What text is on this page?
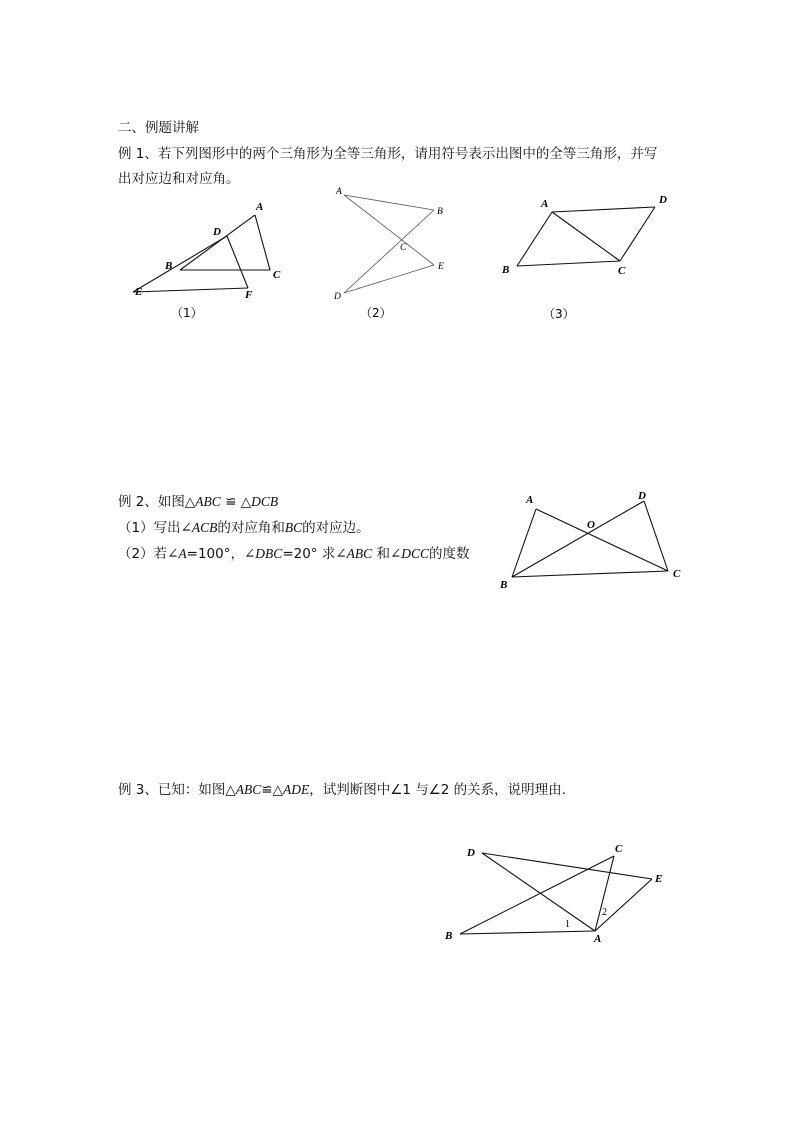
二、例题讲解
例 1、若下列图形中的两个三角形为全等三角形，请用符号表示出图中的全等三角形，并写
出对应边和对应角。
A
D
B
C
E	F
（1）
A
B
C
E
D
（2）
A	D
B	C
（3）
例 2、如图△ABC ≌ △DCB
（1）写出∠ACB的对应角和BC的对应边。
（2）若∠A=100°，∠DBC=20° 求∠ABC 和∠DCC的度数
A	D
O
B
C
例 3、已知：如图△ABC≌△ADE，试判断图中∠1 与∠2 的关系，说明理由.
D	C
E
B	A
1
2
